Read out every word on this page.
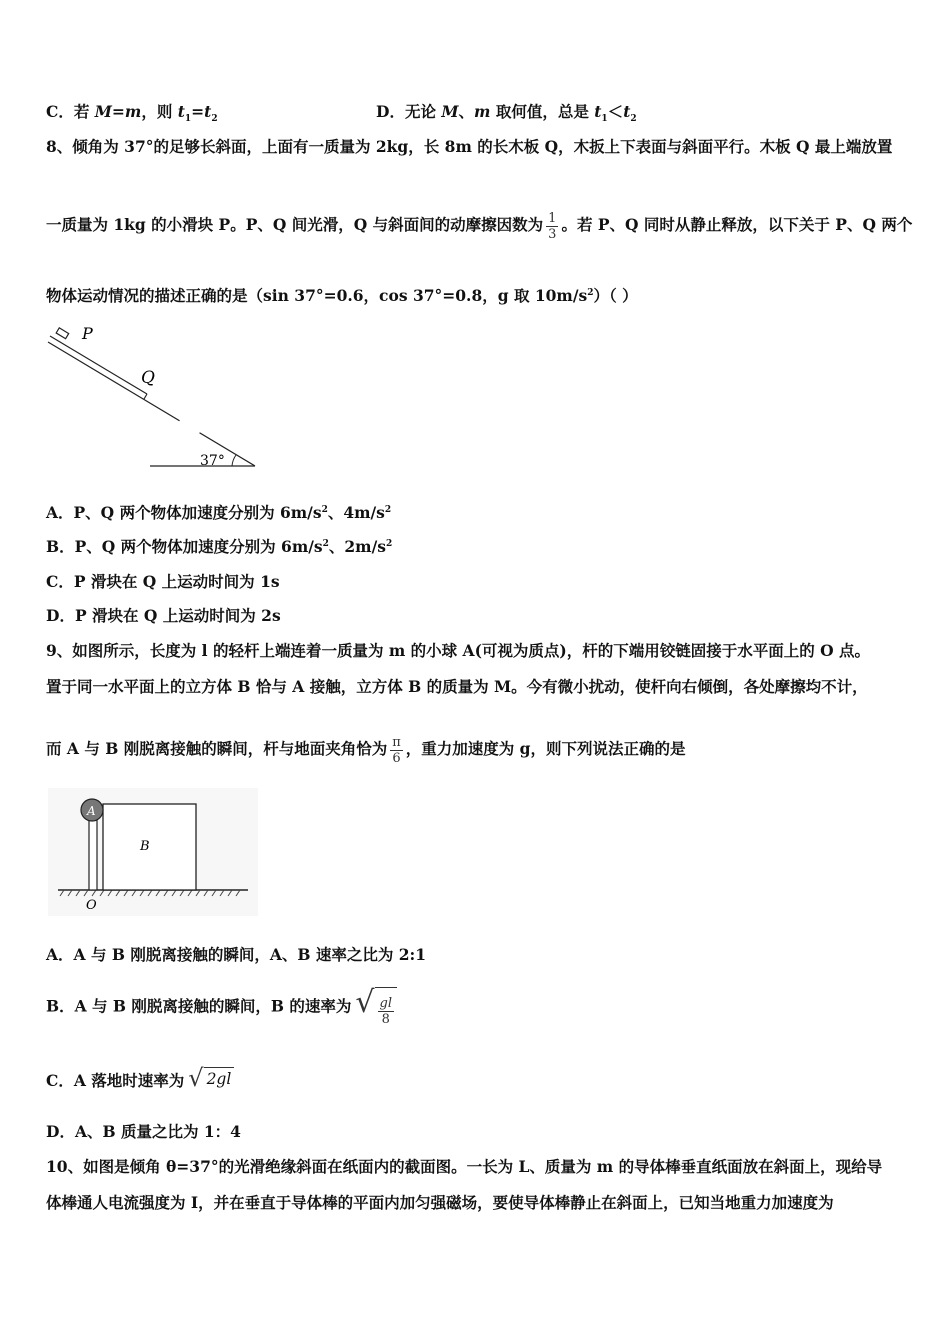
C．若 M=m，则 $t_1=t_2$	D．无论 M、m 取何值，总是 $t_1<t_2$
8、倾角为 37°的足够长斜面，上面有一质量为 2kg，长 8m 的长木板 Q，木扳上下表面与斜面平行。木板 Q 最上端放置
一质量为 1kg 的小滑块 P。P、Q 间光滑，Q 与斜面间的动摩擦因数为 $\frac{1}{3}$ 。若 P、Q 同时从静止释放，以下关于 P、Q 两个
物体运动情况的描述正确的是（sin 37°=0.6，cos 37°=0.8，g 取 $10m/s^2$）（ ）
P
Q
37°
A．P、Q 两个物体加速度分别为 $6m/s^2$、$4m/s^2$
B．P、Q 两个物体加速度分别为 $6m/s^2$、$2m/s^2$
C．P 滑块在 Q 上运动时间为 1s
D．P 滑块在 Q 上运动时间为 2s
9、如图所示，长度为 l 的轻杆上端连着一质量为 m 的小球 A(可视为质点)，杆的下端用铰链固接于水平面上的 O 点。
置于同一水平面上的立方体 B 恰与 A 接触，立方体 B 的质量为 M。今有微小扰动，使杆向右倾倒，各处摩擦均不计，
而 A 与 B 刚脱离接触的瞬间，杆与地面夹角恰为 $\frac{\pi}{6}$ ，重力加速度为 g，则下列说法正确的是
A
B
O
A．A 与 B 刚脱离接触的瞬间，A、B 速率之比为 2:1
B．A 与 B 刚脱离接触的瞬间，B 的速率为 √ $\frac{gl}{8}$
C．A 落地时速率为 √ 2gl
D．A、B 质量之比为 1：4
10、如图是倾角 θ=37°的光滑绝缘斜面在纸面内的截面图。一长为 L、质量为 m 的导体棒垂直纸面放在斜面上，现给导
体棒通人电流强度为 I，并在垂直于导体棒的平面内加匀强磁场，要使导体棒静止在斜面上，已知当地重力加速度为
